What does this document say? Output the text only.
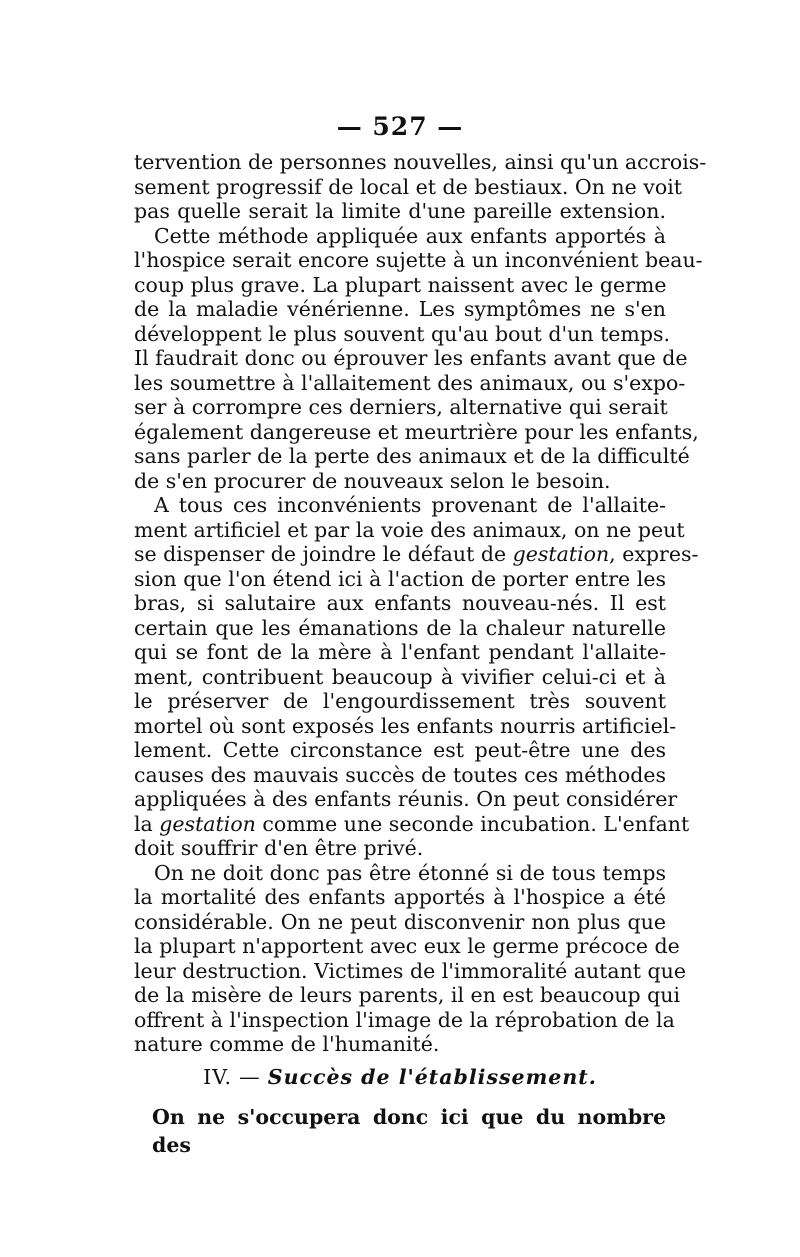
— 527 —
tervention de personnes nouvelles, ainsi qu'un accrois-
sement progressif de local et de bestiaux. On ne voit
pas quelle serait la limite d'une pareille extension.
Cette méthode appliquée aux enfants apportés à
l'hospice serait encore sujette à un inconvénient beau-
coup plus grave. La plupart naissent avec le germe
de la maladie vénérienne. Les symptômes ne s'en
développent le plus souvent qu'au bout d'un temps.
Il faudrait donc ou éprouver les enfants avant que de
les soumettre à l'allaitement des animaux, ou s'expo-
ser à corrompre ces derniers, alternative qui serait
également dangereuse et meurtrière pour les enfants,
sans parler de la perte des animaux et de la difficulté
de s'en procurer de nouveaux selon le besoin.
A tous ces inconvénients provenant de l'allaite-
ment artificiel et par la voie des animaux, on ne peut
se dispenser de joindre le défaut de gestation, expres-
sion que l'on étend ici à l'action de porter entre les
bras, si salutaire aux enfants nouveau-nés. Il est
certain que les émanations de la chaleur naturelle
qui se font de la mère à l'enfant pendant l'allaite-
ment, contribuent beaucoup à vivifier celui-ci et à
le préserver de l'engourdissement très souvent
mortel où sont exposés les enfants nourris artificiel-
lement. Cette circonstance est peut-être une des
causes des mauvais succès de toutes ces méthodes
appliquées à des enfants réunis. On peut considérer
la gestation comme une seconde incubation. L'enfant
doit souffrir d'en être privé.
On ne doit donc pas être étonné si de tous temps
la mortalité des enfants apportés à l'hospice a été
considérable. On ne peut disconvenir non plus que
la plupart n'apportent avec eux le germe précoce de
leur destruction. Victimes de l'immoralité autant que
de la misère de leurs parents, il en est beaucoup qui
offrent à l'inspection l'image de la réprobation de la
nature comme de l'humanité.
IV. — Succès de l'établissement.
On ne s'occupera donc ici que du nombre des
